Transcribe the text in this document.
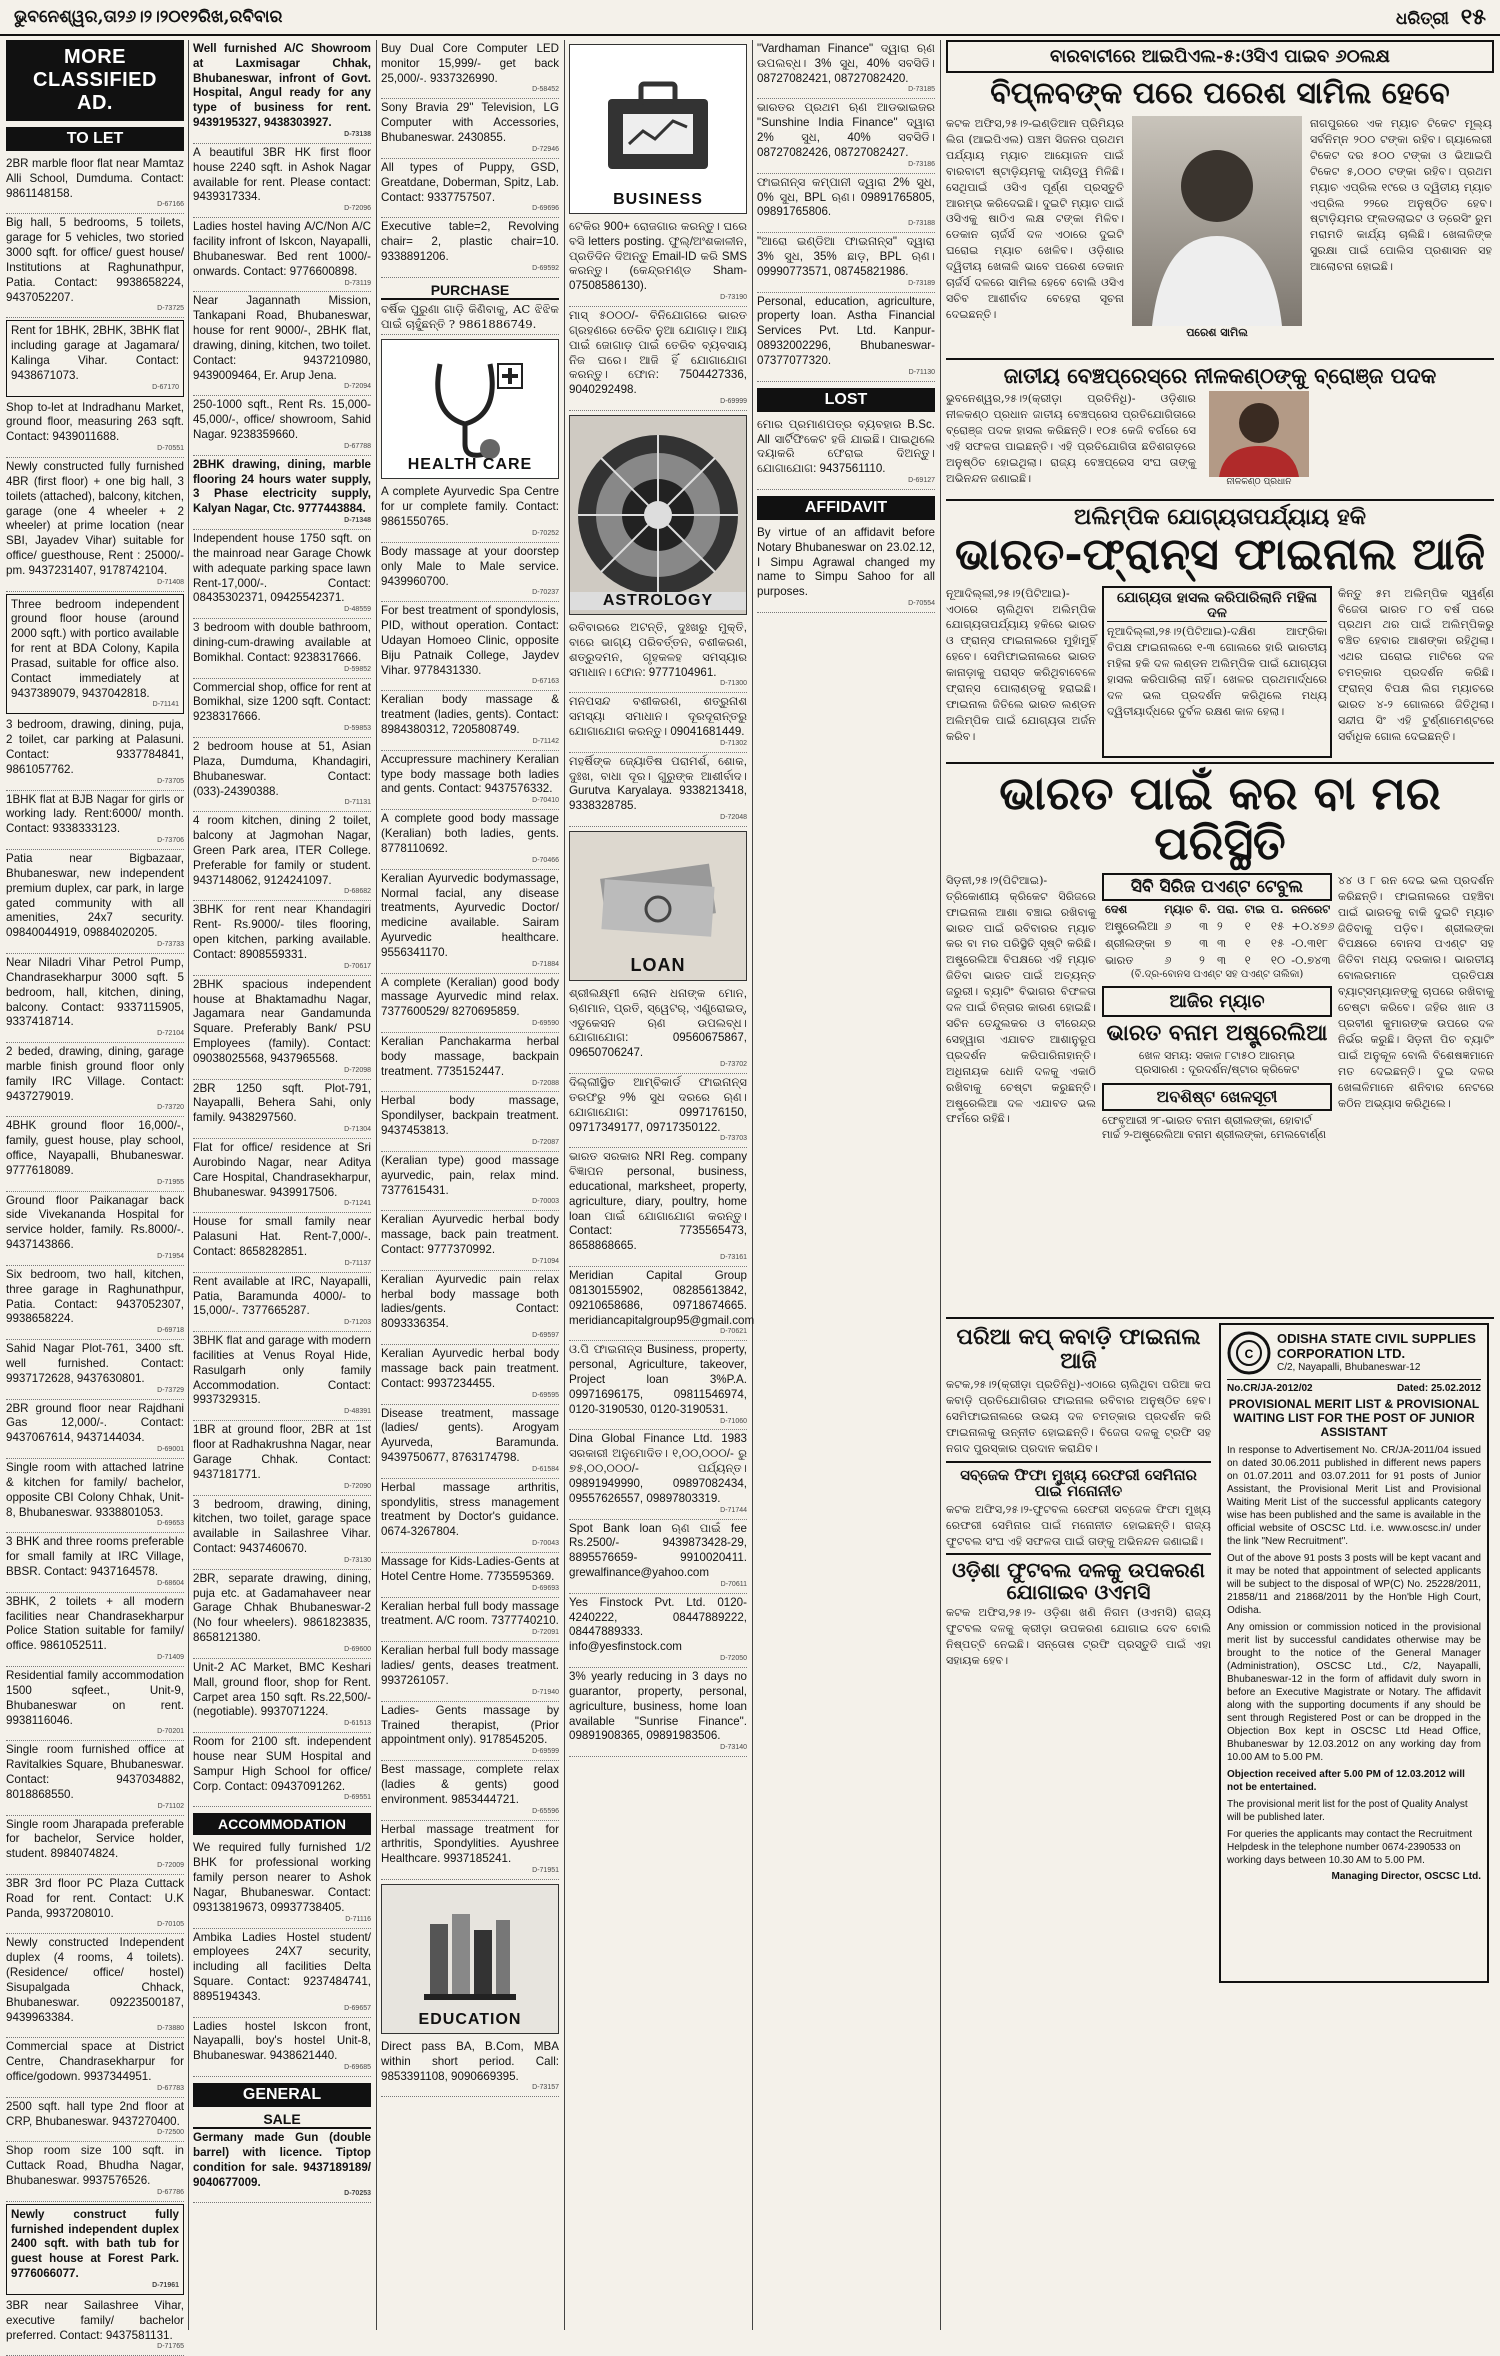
ଭୁବନେଶ୍ୱର,ତା୨୬।୨।୨୦୧୨ରିଖ,ରବିବାର	ଧରିତ୍ରୀ ୧୫
MORE CLASSIFIED AD.
TO LET
2BR marble floor flat near Mamtaz Alli School, Dumduma. Contact: 9861148158.
D-67166
Big hall, 5 bedrooms, 5 toilets, garage for 5 vehicles, two storied 3000 sqft. for office/ guest house/ Institutions at Raghunathpur, Patia. Contact: 9938658224, 9437052207.
D-73725
Rent for 1BHK, 2BHK, 3BHK flat including garage at Jagamara/ Kalinga Vihar. Contact: 9438671073.
D-67170
Shop to-let at Indradhanu Market, ground floor, measuring 263 sqft. Contact: 9439011688.
D-70551
Newly constructed fully furnished 4BR (first floor) + one big hall, 3 toilets (attached), balcony, kitchen, garage (one 4 wheeler + 2 wheeler) at prime location (near SBI, Jayadev Vihar) suitable for office/ guesthouse, Rent : 25000/- pm. 9437231407, 9178742104.
D-71408
Three bedroom independent ground floor house (around 2000 sqft.) with portico available for rent at BDA Colony, Kapila Prasad, suitable for office also. Contact immediately at 9437389079, 9437042818.
D-71141
3 bedroom, drawing, dining, puja, 2 toilet, car parking at Palasuni. Contact: 9337784841, 9861057762.
D-73705
1BHK flat at BJB Nagar for girls or working lady. Rent:6000/ month. Contact: 9338333123.
D-73706
Patia near Bigbazaar, Bhubaneswar, new independent premium duplex, car park, in large gated community with all amenities, 24x7 security. 09840044919, 09884020205.
D-73733
Near Niladri Vihar Petrol Pump, Chandrasekharpur 3000 sqft. 5 bedroom, hall, kitchen, dining, balcony. Contact: 9337115905, 9337418714.
D-72104
2 beded, drawing, dining, garage marble finish ground floor only family IRC Village. Contact: 9437279019.
D-73720
4BHK ground floor 16,000/-, family, guest house, play school, office, Nayapalli, Bhubaneswar. 9777618089.
D-71955
Ground floor Paikanagar back side Vivekananda Hospital for service holder, family. Rs.8000/-. 9437143866.
D-71954
Six bedroom, two hall, kitchen, three garage in Raghunathpur, Patia. Contact: 9437052307, 9938658224.
D-69718
Sahid Nagar Plot-761, 3400 sft. well furnished. Contact: 9937172628, 9437630801.
D-73729
2BR ground floor near Rajdhani Gas 12,000/-. Contact: 9437067614, 9437144034.
D-69001
Single room with attached latrine & kitchen for family/ bachelor, opposite CBI Colony Chhak, Unit-8, Bhubaneswar. 9338801053.
D-69653
3 BHK and three rooms preferable for small family at IRC Village, BBSR. Contact: 9437164578.
D-68604
3BHK, 2 toilets + all modern facilities near Chandrasekharpur Police Station suitable for family/ office. 9861052511.
D-71409
Residential family accommodation 1500 sqfeet., Unit-9, Bhubaneswar on rent. 9938116046.
D-70201
Single room furnished office at Ravitalkies Square, Bhubaneswar. Contact: 9437034882, 8018868550.
D-71102
Single room Jharapada preferable for bachelor, Service holder, student. 8984074824.
D-72009
3BR 3rd floor PC Plaza Cuttack Road for rent. Contact: U.K Panda, 9937208010.
D-70105
Newly constructed Independent duplex (4 rooms, 4 toilets). (Residence/ office/ hostel) Sisupalgada Chhack, Bhubaneswar. 09223500187, 9439963384.
D-73880
Commercial space at District Centre, Chandrasekharpur for office/godown. 9937344951.
D-67783
2500 sqft. hall type 2nd floor at CRP, Bhubaneswar. 9437270400.
D-72500
Shop room size 100 sqft. in Cuttack Road, Bhudha Nagar, Bhubaneswar. 9937576526.
D-67786
Newly construct fully furnished independent duplex 2400 sqft. with bath tub for guest house at Forest Park. 9776066077.
D-71961
3BR near Sailashree Vihar, executive family/ bachelor preferred. Contact: 9437581131.
D-71765
Well furnished A/C Showroom at Laxmisagar Chhak, Bhubaneswar, infront of Govt. Hospital, Angul ready for any type of business for rent. 9439195327, 9438303927.
D-73138
A beautiful 3BR HK first floor house 2240 sqft. in Ashok Nagar available for rent. Please contact: 9439317334.
D-72096
Ladies hostel having A/C/Non A/C facility infront of Iskcon, Nayapalli, Bhubaneswar. Bed rent 1000/- onwards. Contact: 9776600898.
D-73119
Near Jagannath Mission, Tankapani Road, Bhubaneswar, house for rent 9000/-, 2BHK flat, drawing, dining, kitchen, two toilet. Contact: 9437210980, 9439009464, Er. Arup Jena.
D-72094
250-1000 sqft., Rent Rs. 15,000-45,000/-, office/ showroom, Sahid Nagar. 9238359660.
D-67788
2BHK drawing, dining, marble flooring 24 hours water supply, 3 Phase electricity supply, Kalyan Nagar, Ctc. 9777443884.
D-71348
Independent house 1750 sqft. on the mainroad near Garage Chowk with adequate parking space lawn Rent-17,000/-. Contact: 08435302371, 09425542371.
D-48559
3 bedroom with double bathroom, dining-cum-drawing available at Bomikhal. Contact: 9238317666.
D-59852
Commercial shop, office for rent at Bomikhal, size 1200 sqft. Contact: 9238317666.
D-59853
2 bedroom house at 51, Asian Plaza, Dumduma, Khandagiri, Bhubaneswar. Contact: (033)-24390388.
D-71131
4 room kitchen, dining 2 toilet, balcony at Jagmohan Nagar, Green Park area, ITER College. Preferable for family or student. 9437148062, 9124241097.
D-68682
3BHK for rent near Khandagiri Rent- Rs.9000/- tiles flooring, open kitchen, parking available. Contact: 8908559331.
D-70617
2BHK spacious independent house at Bhaktamadhu Nagar, Jagamara near Gandamunda Square. Preferably Bank/ PSU Employees (family). Contact: 09038025568, 9437965568.
D-72098
2BR 1250 sqft. Plot-791, Nayapalli, Behera Sahi, only family. 9438297560.
D-71304
Flat for office/ residence at Sri Aurobindo Nagar, near Aditya Care Hospital, Chandrasekharpur, Bhubaneswar. 9439917506.
D-71241
House for small family near Palasuni Hat. Rent-7,000/-. Contact: 8658282851.
D-71137
Rent available at IRC, Nayapalli, Patia, Baramunda 4000/- to 15,000/-. 7377665287.
D-71203
3BHK flat and garage with modern facilities at Venus Royal Hide, Rasulgarh only family Accommodation. Contact: 9937329315.
D-48391
1BR at ground floor, 2BR at 1st floor at Radhakrushna Nagar, near Garage Chhak. Contact: 9437181771.
D-72090
3 bedroom, drawing, dining, kitchen, two toilet, garage space available in Sailashree Vihar. Contact: 9437460670.
D-73130
2BR, separate drawing, dining, puja etc. at Gadamahaveer near Garage Chhak Bhubaneswar-2 (No four wheelers). 9861823835, 8658121380.
D-69600
Unit-2 AC Market, BMC Keshari Mall, ground floor, shop for Rent. Carpet area 150 sqft. Rs.22,500/- (negotiable). 9937071224.
D-61513
Room for 2100 sft. independent house near SUM Hospital and Sampur High School for office/ Corp. Contact: 09437091262.
D-69551
ACCOMMODATION
We required fully furnished 1/2 BHK for professional working family person nearer to Ashok Nagar, Bhubaneswar. Contact: 09313819673, 09937738405.
D-71116
Ambika Ladies Hostel student/ employees 24X7 security, including all facilities Delta Square. Contact: 9237484741, 8895194343.
D-69657
Ladies hostel Iskcon front, Nayapalli, boy's hostel Unit-8, Bhubaneswar. 9438621440.
D-69685
GENERAL
SALE
Germany made Gun (double barrel) with licence. Tiptop condition for sale. 9437189189/ 9040677009.
D-70253
Buy Dual Core Computer LED monitor 15,999/- get back 25,000/-. 9337326990.
D-58452
Sony Bravia 29" Television, LG Computer with Accessories, Bhubaneswar. 2430855.
D-72946
All types of Puppy, GSD, Greatdane, Doberman, Spitz, Lab. Contact: 9337757507.
D-69696
Executive table=2, Revolving chair= 2, plastic chair=10. 9338891206.
D-69592
PURCHASE
ବର୍ଷିକ ପୁରୁଣା ଗାଡ଼ି କିଣିବାକୁ, AC ଝିଝିକ ପାଇଁ ଚାହୁଁଛନ୍ତି ? 9861886749.
HEALTH CARE
A complete Ayurvedic Spa Centre for ur complete family. Contact: 9861550765.
D-70252
Body massage at your doorstep only Male to Male service. 9439960700.
D-70237
For best treatment of spondylosis, PID, without operation. Contact: Udayan Homoeo Clinic, opposite Biju Patnaik College, Jaydev Vihar. 9778431330.
D-67163
Keralian body massage & treatment (ladies, gents). Contact: 8984380312, 7205808749.
D-71142
Accupressure machinery Keralian type body massage both ladies and gents. Contact: 9437576332.
D-70410
A complete good body massage (Keralian) both ladies, gents. 8778110692.
D-70466
Keralian Ayurvedic bodymassage, Normal facial, any disease treatments, Ayurvedic Doctor/ medicine available. Sairam Ayurvedic healthcare. 9556341170.
D-71884
A complete (Keralian) good body massage Ayurvedic mind relax. 7377600529/ 8270695859.
D-69590
Keralian Panchakarma herbal body massage, backpain treatment. 7735152447.
D-72088
Herbal body massage, Spondilyser, backpain treatment. 9437453813.
D-72087
(Keralian type) good massage ayurvedic, pain, relax mind. 7377615431.
D-70003
Keralian Ayurvedic herbal body massage, back pain treatment. Contact: 9777370992.
D-71094
Keralian Ayurvedic pain relax herbal body massage both ladies/gents. Contact: 8093336354.
D-69597
Keralian Ayurvedic herbal body massage back pain treatment. Contact: 9937234455.
D-69595
Disease treatment, massage (ladies/ gents). Arogyam Ayurveda, Baramunda. 9439750677, 8763174798.
D-61584
Herbal massage arthritis, spondylitis, stress management treatment by Doctor's guidance. 0674-3267804.
D-70043
Massage for Kids-Ladies-Gents at Hotel Centre Home. 7735595369.
D-69693
Keralian herbal full body massage treatment. A/C room. 7377740210.
D-72091
Keralian herbal full body massage ladies/ gents, deases treatment. 9937261057.
D-71940
Ladies- Gents massage by Trained therapist, (Prior appointment only). 9178545205.
D-69599
Best massage, complete relax (ladies & gents) good environment. 9853444721.
D-65596
Herbal massage treatment for arthritis, Spondylities. Ayushree Healthcare. 9937185241.
D-71951
EDUCATION
Direct pass BA, B.Com, MBA within short period. Call: 9853391108, 9090669395.
D-73157
BUSINESS
ଟେକିର 900+ ରୋଜଗାର କରନ୍ତୁ। ଘରେ ବସି letters posting. ଫୁଲ୍/ଅଂଶକାଳୀନ, ପ୍ରତିଦିନ ଦିଅନ୍ତୁ Email-ID କରି SMS କରନ୍ତୁ। (କେନ୍ଦ୍ରମଣ୍ଡ Sham- 07508586130).
D-73190
ମାସ୍ ୫୦୦୦/- ବିନିଯୋଗରେ ଭାରତ ଗ୍ରହଣରେ ତେରିବ ନୁଆ ଯୋଗାଡ଼। ଆୟ ପାଇଁ ଜୋଗାଡ଼ ପାଇଁ ତେରିବ ବ୍ୟବସାୟ ନିଜ ଘରେ। ଆଜି ହିଁ ଯୋଗାଯୋଗ କରନ୍ତୁ। ଫୋନ: 7504427336, 9040292498.
D-69999
ASTROLOGY
ରବିବାରରେ ଅଟନ୍ତି, ଦୁଃଖରୁ ମୁକ୍ତି, ବାରେ ଭାଗ୍ୟ ପରିବର୍ତ୍ତନ, ବଶୀକରଣ, ଶତ୍ରୁଦମନ, ଗୃହକଳହ ସମସ୍ୟାର ସମାଧାନ। ଫୋନ: 9777104961.
D-71300
ମନପସନ୍ଦ ବଶୀକରଣ, ଶତ୍ରୁନାଶ ସମସ୍ୟା ସମାଧାନ। ଦୂରଦୂରାନ୍ତରୁ ଯୋଗାଯୋଗ କରନ୍ତୁ। 09041681449.
D-71302
ମହର୍ଷିଙ୍କ ଜ୍ୟୋତିଷ ପରାମର୍ଶ, ଶୋକ, ଦୁଃଖ, ବାଧା ଦୂର। ଗୁରୁଙ୍କ ଆଶୀର୍ବାଦ। Gurutva Karyalaya. 9338213418, 9338328785.
D-72048
LOAN
ଶ୍ରୀଲକ୍ଷ୍ମୀ ଲୋନ ଧନାଙ୍କ ମୋନ, ଋଣମାନ, ପ୍ରତି, ସ୍ୱେଟର୍, ଏଣ୍ଡ୍ରୋଇଡ୍, ଏଡୁକେସନ ଋଣ ଉପଲବ୍ଧ। ଯୋଗାଯୋଗ: 09560675867, 09650706247.
D-73702
ଦିଲ୍ଲୀସ୍ଥିତ ଆମ୍ବିକାର୍ଡ ଫାଇନାନ୍ସ ତରଫରୁ ୨% ସୁଧ ଦରରେ ଋଣ। ଯୋଗାଯୋଗ: 0997176150, 09717349177, 09717350122.
D-73703
ଭାରତ ସରକାର NRI Reg. company ବିଜ୍ଞାପନ personal, business, educational, marksheet, property, agriculture, diary, poultry, home loan ପାଇଁ ଯୋଗାଯୋଗ କରନ୍ତୁ। Contact: 7735565473, 8658868665.
D-73161
Meridian Capital Group 08130155902, 08285613842, 09210658686, 09718674665. meridiancapitalgroup95@gmail.com
D-70621
ଓ.ପି ଫାଇନାନ୍ସ Business, property, personal, Agriculture, takeover, Project loan 3%P.A. 09971696175, 09811546974, 0120-3190530, 0120-3190531.
D-71060
Dina Global Finance Ltd. 1983 ସରକାରୀ ଅନୁମୋଦିତ। ୧,୦୦,୦୦୦/- ରୁ ୭୫,୦୦,୦୦୦/- ପର୍ଯ୍ୟନ୍ତ। 09891949990, 09897082434, 09557626557, 09897803319.
D-71744
Spot Bank loan ଋଣ ପାଇଁ fee Rs.2500/- 9439873428-29, 8895576659- 9910020411. grewalfinance@yahoo.com
D-70611
Yes Finstock Pvt. Ltd. 0120-4240222, 08447889222, 08447889333. info@yesfinstock.com
D-72050
3% yearly reducing in 3 days no guarantor, property, personal, agriculture, business, home loan available "Sunrise Finance". 09891908365, 09891983506.
D-73140
"Vardhaman Finance" ଦ୍ୱାରା ଋଣ ଉପଲବ୍ଧ। 3% ସୁଧ, 40% ସବସିଡି। 08727082421, 08727082420.
D-73185
ଭାରତର ପ୍ରଥମ ଋଣ ଆଡଭାଇଜର "Sunshine India Finance" ଦ୍ୱାରା 2% ସୁଧ, 40% ସବସିଡି। 08727082426, 08727082427.
D-73186
ଫାଇନାନ୍ସ କମ୍ପାନୀ ଦ୍ୱାରା 2% ସୁଧ, 0% ସୁଧ, BPL ଋଣ। 09891765805, 09891765806.
D-73188
"ଆରୋ ଇଣ୍ଡିଆ ଫାଇନାନ୍ସ" ଦ୍ୱାରା 3% ସୁଧ, 35% ଛାଡ଼, BPL ଋଣ। 09990773571, 08745821986.
D-73189
Personal, education, agriculture, property loan. Astha Financial Services Pvt. Ltd. Kanpur- 08932002296, Bhubaneswar- 07377077320.
D-71130
LOST
ମୋର ପ୍ରମାଣପତ୍ର ବ୍ୟବହାର B.Sc. All ସାର୍ଟିଫିକେଟ ହଜି ଯାଇଛି। ପାଇଥିଲେ ଦୟାକରି ଫେରାଇ ଦିଅନ୍ତୁ। ଯୋଗାଯୋଗ: 9437561110.
D-69127
AFFIDAVIT
By virtue of an affidavit before Notary Bhubaneswar on 23.02.12, I Simpu Agrawal changed my name to Simpu Sahoo for all purposes.
D-70554
ବାରବାଟୀରେ ଆଇପିଏଲ-୫:ଓସିଏ ପାଇବ ୬୦ଲକ୍ଷ
ବିପ୍ଳବଙ୍କ ପରେ ପରେଶ ସାମିଲ ହେବେ
କଟକ ଅଫିସ,୨୫।୨-ଇଣ୍ଡିଆନ ପ୍ରିମିୟର ଲିଗ (ଆଇପିଏଲ) ପଞ୍ଚମ ସିଜନର ପ୍ରଥମ ପର୍ଯ୍ୟାୟ ମ୍ୟାଚ ଆୟୋଜନ ପାଇଁ ବାରବାଟୀ ଷ୍ଟାଡ଼ିୟମକୁ ଦାୟିତ୍ୱ ମିଳିଛି। ସେଥିପାଇଁ ଓସିଏ ପୂର୍ଣ୍ଣ ପ୍ରସ୍ତୁତି ଆରମ୍ଭ କରିଦେଇଛି। ଦୁଇଟି ମ୍ୟାଚ ପାଇଁ ଓସିଏକୁ ଷାଠିଏ ଲକ୍ଷ ଟଙ୍କା ମିଳିବ। ଡେକାନ ଚାର୍ଜର୍ସ ଦଳ ଏଠାରେ ଦୁଇଟି ଘରୋଇ ମ୍ୟାଚ ଖେଳିବ। ଓଡ଼ିଶାର ଦ୍ୱିତୀୟ ଖେଳାଳି ଭାବେ ପରେଶ ଡେକାନ ଚାର୍ଜର୍ସ ଦଳରେ ସାମିଲ ହେବେ ବୋଲି ଓସିଏ ସଚିବ ଆଶୀର୍ବାଦ ବେହେରା ସୂଚନା ଦେଇଛନ୍ତି।
ପରେଶ ସାମିଲ
ନାଗପୁରରେ ଏକ ମ୍ୟାଚ ଟିକେଟ ମୂଲ୍ୟ ସର୍ବନିମ୍ନ ୨୦୦ ଟଙ୍କା ରହିବ। ଗ୍ୟାଲେରୀ ଟିକେଟ ଦର ୫୦୦ ଟଙ୍କା ଓ ଭିଆଇପି ଟିକେଟ ୫,୦୦୦ ଟଙ୍କା ରହିବ। ପ୍ରଥମ ମ୍ୟାଚ ଏପ୍ରିଲ ୧୯ରେ ଓ ଦ୍ୱିତୀୟ ମ୍ୟାଚ ଏପ୍ରିଲ ୨୨ରେ ଅନୁଷ୍ଠିତ ହେବ। ଷ୍ଟାଡ଼ିୟମର ଫ୍ଲଡଲାଇଟ ଓ ଡ୍ରେସିଂ ରୁମ ମରାମତି କାର୍ଯ୍ୟ ଚାଲିଛି। ଖେଳାଳିଙ୍କ ସୁରକ୍ଷା ପାଇଁ ପୋଲିସ ପ୍ରଶାସନ ସହ ଆଲୋଚନା ହୋଇଛି।
ଜାତୀୟ ବେଞ୍ଚପ୍ରେସ୍‌ରେ ନୀଳକଣ୍ଠଙ୍କୁ ବ୍ରୋଞ୍ଜ ପଦକ
ଭୁବନେଶ୍ୱର,୨୫।୨(କ୍ରୀଡ଼ା ପ୍ରତିନିଧି)- ଓଡ଼ିଶାର ନୀଳକଣ୍ଠ ପ୍ରଧାନ ଜାତୀୟ ବେଞ୍ଚପ୍ରେସ ପ୍ରତିଯୋଗିତାରେ ବ୍ରୋଞ୍ଜ ପଦକ ହାସଲ କରିଛନ୍ତି। ୧୦୫ କେଜି ବର୍ଗରେ ସେ ଏହି ସଫଳତା ପାଇଛନ୍ତି। ଏହି ପ୍ରତିଯୋଗିତା ଛତିଶଗଡ଼ରେ ଅନୁଷ୍ଠିତ ହୋଇଥିଲା। ରାଜ୍ୟ ବେଞ୍ଚପ୍ରେସ ସଂଘ ତାଙ୍କୁ ଅଭିନନ୍ଦନ ଜଣାଇଛି।	ନୀଳକଣ୍ଠ ପ୍ରଧାନ
ଅଲିମ୍ପିକ ଯୋଗ୍ୟତାପର୍ଯ୍ୟାୟ ହକି
ଭାରତ-ଫ୍ରାନ୍ସ ଫାଇନାଲ ଆଜି
ନୂଆଦିଲ୍ଲୀ,୨୫।୨(ପିଟିଆଇ)-ଏଠାରେ ଚାଲିଥିବା ଅଲିମ୍ପିକ ଯୋଗ୍ୟତାପର୍ଯ୍ୟାୟ ହକିରେ ଭାରତ ଓ ଫ୍ରାନ୍ସ ଫାଇନାଲରେ ମୁହାଁମୁହିଁ ହେବେ। ସେମିଫାଇନାଲରେ ଭାରତ କାନାଡ଼ାକୁ ପରାସ୍ତ କରିଥିବାବେଳେ ଫ୍ରାନ୍ସ ପୋଲାଣ୍ଡକୁ ହରାଇଛି। ଫାଇନାଲ ଜିତିଲେ ଭାରତ ଲଣ୍ଡନ ଅଲିମ୍ପିକ ପାଇଁ ଯୋଗ୍ୟତା ଅର୍ଜନ କରିବ।
ଯୋଗ୍ୟତା ହାସଲ କରିପାରିଲାନି ମହିଳା ଦଳ
ନୂଆଦିଲ୍ଲୀ,୨୫।୨(ପିଟିଆଇ)-ଦକ୍ଷିଣ ଆଫ୍ରିକା ବିପକ୍ଷ ଫାଇନାଲରେ ୧-୩ ଗୋଲରେ ହାରି ଭାରତୀୟ ମହିଳା ହକି ଦଳ ଲଣ୍ଡନ ଅଲିମ୍ପିକ ପାଇଁ ଯୋଗ୍ୟତା ହାସଲ କରିପାରିଲା ନାହିଁ। ଖେଳର ପ୍ରଥମାର୍ଦ୍ଧରେ ଦଳ ଭଲ ପ୍ରଦର୍ଶନ କରିଥିଲେ ମଧ୍ୟ ଦ୍ୱିତୀୟାର୍ଦ୍ଧରେ ଦୁର୍ବଳ ରକ୍ଷଣ କାଳ ହେଲା।
କିନ୍ତୁ ୫ମ ଅଲିମ୍ପିକ ସ୍ୱର୍ଣ୍ଣ ବିଜେତା ଭାରତ ୮୦ ବର୍ଷ ପରେ ପ୍ରଥମ ଥର ପାଇଁ ଅଲିମ୍ପିକରୁ ବଞ୍ଚିତ ହେବାର ଆଶଙ୍କା ରହିଥିଲା। ଏଥର ଘରୋଇ ମାଟିରେ ଦଳ ଚମତ୍କାର ପ୍ରଦର୍ଶନ କରିଛି। ଫ୍ରାନ୍ସ ବିପକ୍ଷ ଲିଗ ମ୍ୟାଚରେ ଭାରତ ୪-୨ ଗୋଲରେ ଜିତିଥିଲା। ସନ୍ଦୀପ ସିଂ ଏହି ଟୁର୍ଣ୍ଣାମେଣ୍ଟରେ ସର୍ବାଧିକ ଗୋଲ ଦେଇଛନ୍ତି।
ଭାରତ ପାଇଁ କର ବା ମର ପରିସ୍ଥିତି
ସିଡ଼ନୀ,୨୫।୨(ପିଟିଆଇ)-ତ୍ରିକୋଣୀୟ କ୍ରିକେଟ ସିରିଜରେ ଫାଇନାଲ ଆଶା ବଞ୍ଚାଇ ରଖିବାକୁ ଭାରତ ପାଇଁ ରବିବାରର ମ୍ୟାଚ କର ବା ମର ପରିସ୍ଥିତି ସୃଷ୍ଟି କରିଛି। ଅଷ୍ଟ୍ରେଲିଆ ବିପକ୍ଷରେ ଏହି ମ୍ୟାଚ ଜିତିବା ଭାରତ ପାଇଁ ଅତ୍ୟନ୍ତ ଜରୁରୀ। ବ୍ୟାଟିଂ ବିଭାଗର ବିଫଳତା ଦଳ ପାଇଁ ଚିନ୍ତାର କାରଣ ହୋଇଛି। ସଚିନ ତେନ୍ଦୁଲକର ଓ ବୀରେନ୍ଦ୍ର ସେହ୍‌ୱାଗ ଏଯାବତ ଆଶାନୁରୂପ ପ୍ରଦର୍ଶନ କରିପାରିନାହାନ୍ତି। ଅଧିନାୟକ ଧୋନି ଦଳକୁ ଏକାଠି ରଖିବାକୁ ଚେଷ୍ଟା କରୁଛନ୍ତି। ଅଷ୍ଟ୍ରେଲିଆ ଦଳ ଏଯାବତ ଭଲ ଫର୍ମରେ ରହିଛି।
ସିବି ସିରିଜ ପଏଣ୍ଟ ଟେବୁଲ
ଦେଶ	ମ୍ୟାଚ	ବି.	ପରା.	ଟାଇ	ପ.	ରନରେଟ
ଅଷ୍ଟ୍ରେଲିଆ	୬	୩	୨	୧	୧୫	+୦.୪୭୬
ଶ୍ରୀଲଙ୍କା	୭	୩	୩	୧	୧୫	-୦.୩୧୮
ଭାରତ	୬	୨	୩	୧	୧୦	-୦.୭୪୩
(ବି.ଦ୍ର-ବୋନସ ପଏଣ୍ଟ ସହ ପଏଣ୍ଟ ତାଲିକା)
ଆଜିର ମ୍ୟାଚ
ଭାରତ ବନାମ ଅଷ୍ଟ୍ରେଲିଆ
ଖେଳ ସମୟ: ସକାଳ ୮ଟା୫୦ ଆରମ୍ଭ
ପ୍ରସାରଣ : ଦୂରଦର୍ଶନ/ଷ୍ଟାର କ୍ରିକେଟ
ଅବଶିଷ୍ଟ ଖେଳସୂଚୀ
ଫେବୃଆରୀ ୨୮-ଭାରତ ବନାମ ଶ୍ରୀଲଙ୍କା, ହୋବାର୍ଟ
ମାର୍ଚ୍ଚ ୨-ଅଷ୍ଟ୍ରେଲିଆ ବନାମ ଶ୍ରୀଲଙ୍କା, ମେଲବୋର୍ଣ୍ଣ
୪୪ ଓ ୮ ରନ ଦେଇ ଭଲ ପ୍ରଦର୍ଶନ କରିଛନ୍ତି। ଫାଇନାଲରେ ପହଞ୍ଚିବା ପାଇଁ ଭାରତକୁ ବାକି ଦୁଇଟି ମ୍ୟାଚ ଜିତିବାକୁ ପଡ଼ିବ। ଶ୍ରୀଲଙ୍କା ବିପକ୍ଷରେ ବୋନସ ପଏଣ୍ଟ ସହ ଜିତିବା ମଧ୍ୟ ଦରକାର। ଭାରତୀୟ ବୋଲରମାନେ ପ୍ରତିପକ୍ଷ ବ୍ୟାଟ୍ସମ୍ୟାନଙ୍କୁ ଚାପରେ ରଖିବାକୁ ଚେଷ୍ଟା କରିବେ। ଜହିର ଖାନ ଓ ପ୍ରବୀଣ କୁମାରଙ୍କ ଉପରେ ଦଳ ନିର୍ଭର କରୁଛି। ସିଡ଼ନୀ ପିଚ ବ୍ୟାଟିଂ ପାଇଁ ଅନୁକୂଳ ବୋଲି ବିଶେଷଜ୍ଞମାନେ ମତ ଦେଇଛନ୍ତି। ଦୁଇ ଦଳର ଖେଳାଳିମାନେ ଶନିବାର ନେଟରେ କଠିନ ଅଭ୍ୟାସ କରିଥିଲେ।
ପରିଆ କପ୍ କବାଡ଼ି ଫାଇନାଲ ଆଜି
କଟକ,୨୫।୨(କ୍ରୀଡ଼ା ପ୍ରତିନିଧି)-ଏଠାରେ ଚାଲିଥିବା ପରିଆ କପ କବାଡ଼ି ପ୍ରତିଯୋଗିତାର ଫାଇନାଲ ରବିବାର ଅନୁଷ୍ଠିତ ହେବ। ସେମିଫାଇନାଲରେ ଉଭୟ ଦଳ ଚମତ୍କାର ପ୍ରଦର୍ଶନ କରି ଫାଇନାଲକୁ ଉନ୍ନୀତ ହୋଇଛନ୍ତି। ବିଜେତା ଦଳକୁ ଟ୍ରଫି ସହ ନଗଦ ପୁରସ୍କାର ପ୍ରଦାନ କରାଯିବ।
ସବ୍‌ଜେକ ଫିଫା ମୁଖ୍ୟ ରେଫରୀ ସେମିନାର ପାଇଁ ମନୋନୀତ
କଟକ ଅଫିସ,୨୫।୨-ଫୁଟବଲ ରେଫରୀ ସବ୍‌ଜେକ ଫିଫା ମୁଖ୍ୟ ରେଫରୀ ସେମିନାର ପାଇଁ ମନୋନୀତ ହୋଇଛନ୍ତି। ରାଜ୍ୟ ଫୁଟବଲ ସଂଘ ଏହି ସଫଳତା ପାଇଁ ତାଙ୍କୁ ଅଭିନନ୍ଦନ ଜଣାଇଛି।
ଓଡ଼ିଶା ଫୁଟବଲ ଦଳକୁ ଉପକରଣ ଯୋଗାଇବ ଓଏମସି
କଟକ ଅଫିସ,୨୫।୨- ଓଡ଼ିଶା ଖଣି ନିଗମ (ଓଏମସି) ରାଜ୍ୟ ଫୁଟବଲ ଦଳକୁ କ୍ରୀଡ଼ା ଉପକରଣ ଯୋଗାଇ ଦେବ ବୋଲି ନିଷ୍ପତ୍ତି ନେଇଛି। ସନ୍ତୋଷ ଟ୍ରଫି ପ୍ରସ୍ତୁତି ପାଇଁ ଏହା ସହାୟକ ହେବ।
C
ODISHA STATE CIVIL SUPPLIES CORPORATION LTD.
C/2, Nayapalli, Bhubaneswar-12
No.CR/JA-2012/02	Dated: 25.02.2012
PROVISIONAL MERIT LIST & PROVISIONAL WAITING LIST FOR THE POST OF JUNIOR ASSISTANT
In response to Advertisement No. CR/JA-2011/04 issued on dated 30.06.2011 published in different news papers on 01.07.2011 and 03.07.2011 for 91 posts of Junior Assistant, the Provisional Merit List and Provisional Waiting Merit List of the successful applicants category wise has been published and the same is available in the official website of OSCSC Ltd. i.e. www.oscsc.in/ under the link "New Recruitment".
Out of the above 91 posts 3 posts will be kept vacant and it may be noted that appointment of selected applicants will be subject to the disposal of WP(C) No. 25228/2011, 21858/11 and 21868/2011 by the Hon'ble High Court, Odisha.
Any omission or commission noticed in the provisional merit list by successful candidates otherwise may be brought to the notice of the General Manager (Administration), OSCSC Ltd., C/2, Nayapalli, Bhubaneswar-12 in the form of affidavit duly sworn in before an Executive Magistrate or Notary. The affidavit along with the supporting documents if any should be sent through Registered Post or can be dropped in the Objection Box kept in OSCSC Ltd Head Office, Bhubaneswar by 12.03.2012 on any working day from 10.00 AM to 5.00 PM.
Objection received after 5.00 PM of 12.03.2012 will not be entertained.
The provisional merit list for the post of Quality Analyst will be published later.
For queries the applicants may contact the Recruitment Helpdesk in the telephone number 0674-2390533 on working days between 10.30 AM to 5.00 PM.
Managing Director, OSCSC Ltd.
